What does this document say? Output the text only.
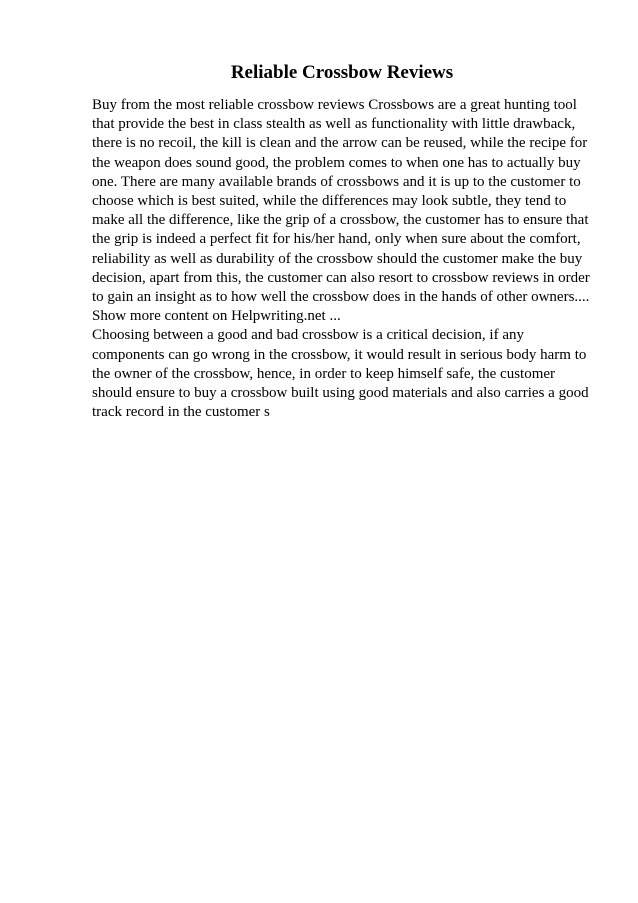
Reliable Crossbow Reviews
Buy from the most reliable crossbow reviews Crossbows are a great hunting tool
that provide the best in class stealth as well as functionality with little drawback,
there is no recoil, the kill is clean and the arrow can be reused, while the recipe for
the weapon does sound good, the problem comes to when one has to actually buy
one. There are many available brands of crossbows and it is up to the customer to
choose which is best suited, while the differences may look subtle, they tend to
make all the difference, like the grip of a crossbow, the customer has to ensure that
the grip is indeed a perfect fit for his/her hand, only when sure about the comfort,
reliability as well as durability of the crossbow should the customer make the buy
decision, apart from this, the customer can also resort to crossbow reviews in order
to gain an insight as to how well the crossbow does in the hands of other owners....
Show more content on Helpwriting.net ...
Choosing between a good and bad crossbow is a critical decision, if any
components can go wrong in the crossbow, it would result in serious body harm to
the owner of the crossbow, hence, in order to keep himself safe, the customer
should ensure to buy a crossbow built using good materials and also carries a good
track record in the customer s
